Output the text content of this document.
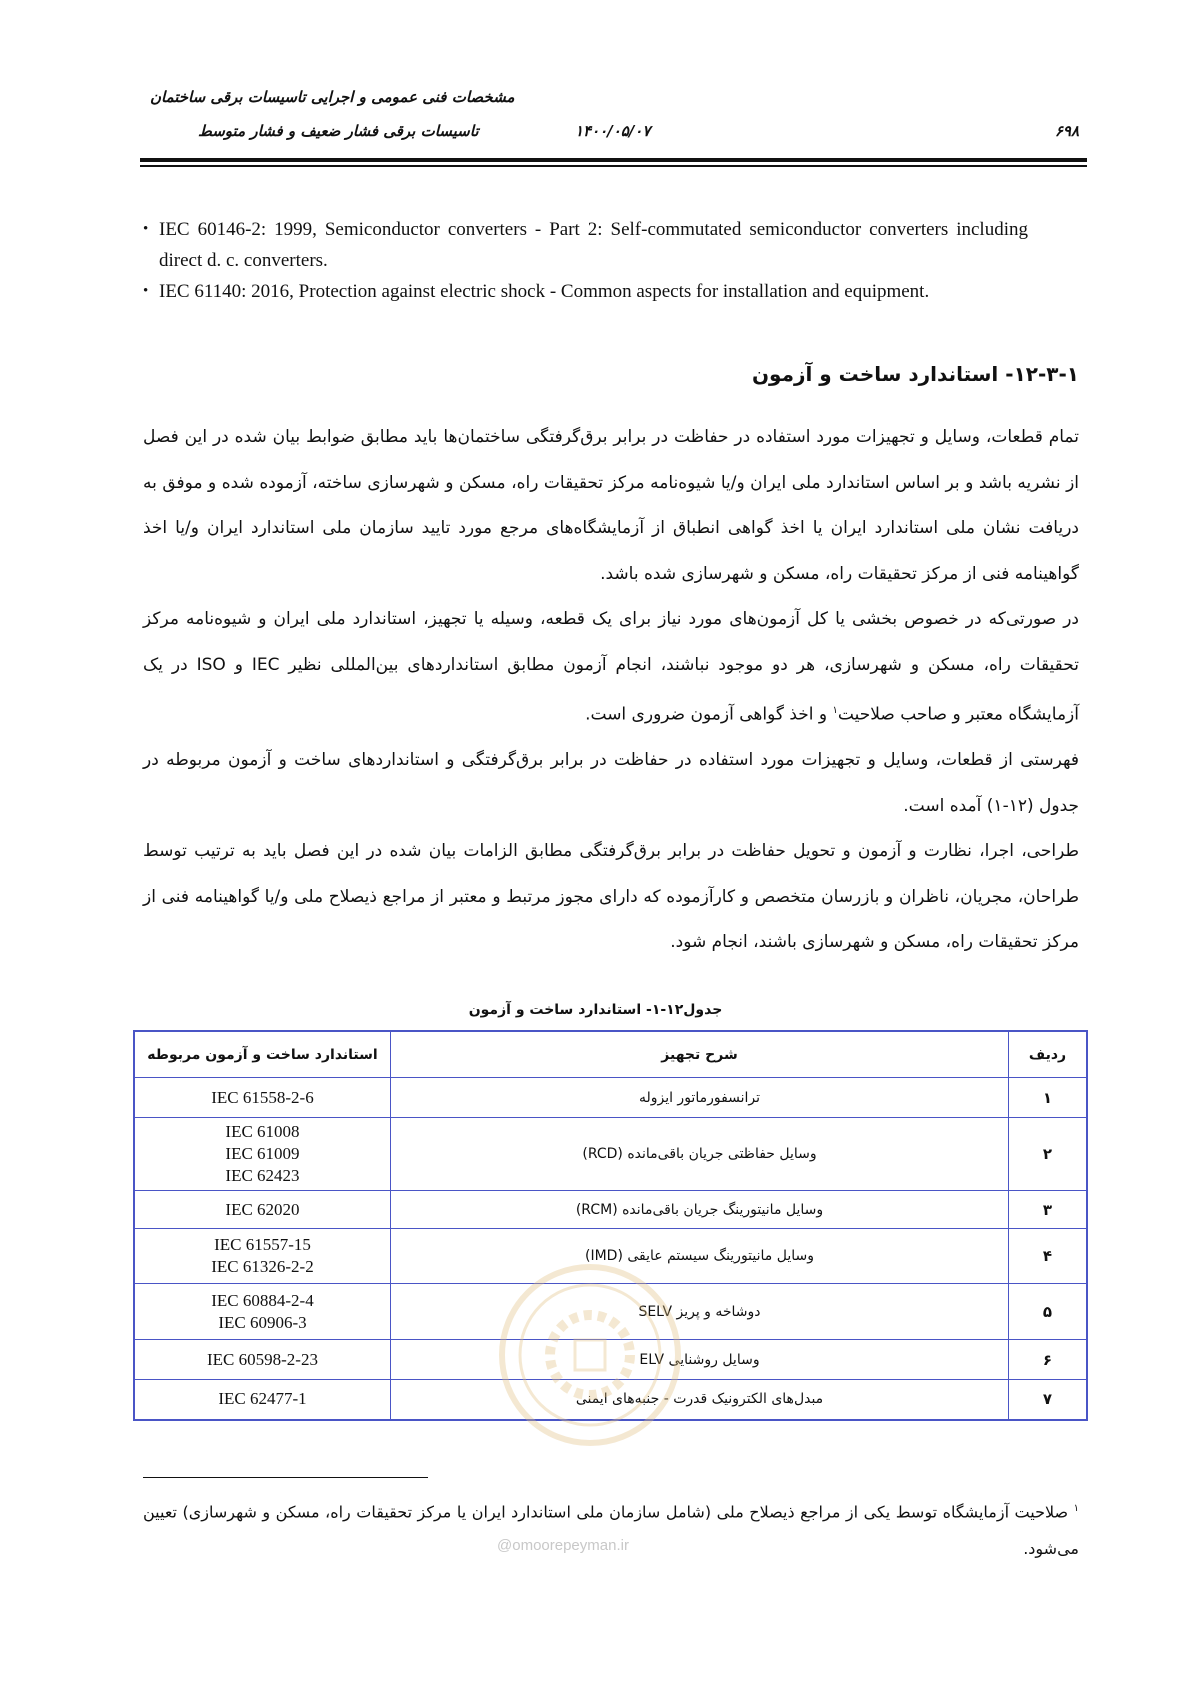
مشخصات فنی عمومی و اجرایی تاسیسات برقی ساختمان
تاسیسات برقی فشار ضعیف و فشار متوسط	۱۴۰۰/۰۵/۰۷	۶۹۸
• IEC 60146-2: 1999, Semiconductor converters - Part 2: Self-commutated semiconductor converters including direct d. c. converters.
• IEC 61140: 2016, Protection against electric shock - Common aspects for installation and equipment.
۱۲-۳-۱- استاندارد ساخت و آزمون

تمام قطعات، وسایل و تجهیزات مورد استفاده در حفاظت در برابر برق‌گرفتگی ساختمان‌ها باید مطابق ضوابط بیان شده در این فصل از نشریه باشد و بر اساس استاندارد ملی ایران و/یا شیوه‌نامه مرکز تحقیقات راه، مسکن و شهرسازی ساخته، آزموده شده و موفق به دریافت نشان ملی استاندارد ایران یا اخذ گواهی انطباق از آزمایشگاه‌های مرجع مورد تایید سازمان ملی استاندارد ایران و/یا اخذ گواهینامه فنی از مرکز تحقیقات راه، مسکن و شهرسازی شده باشد.

در صورتی‌که در خصوص بخشی یا کل آزمون‌های مورد نیاز برای یک قطعه، وسیله یا تجهیز، استاندارد ملی ایران و شیوه‌نامه مرکز تحقیقات راه، مسکن و شهرسازی، هر دو موجود نباشند، انجام آزمون مطابق استانداردهای بین‌المللی نظیر IEC و ISO در یک آزمایشگاه معتبر و صاحب صلاحیت$^۱$ و اخذ گواهی آزمون ضروری است.

فهرستی از قطعات، وسایل و تجهیزات مورد استفاده در حفاظت در برابر برق‌گرفتگی و استانداردهای ساخت و آزمون مربوطه در جدول (۱۲-۱) آمده است.

طراحی، اجرا، نظارت و آزمون و تحویل حفاظت در برابر برق‌گرفتگی مطابق الزامات بیان شده در این فصل باید به ترتیب توسط طراحان، مجریان، ناظران و بازرسان متخصص و کارآزموده که دارای مجوز مرتبط و معتبر از مراجع ذیصلاح ملی و/یا گواهینامه فنی از مرکز تحقیقات راه، مسکن و شهرسازی باشند، انجام شود.

جدول۱۲-۱- استاندارد ساخت و آزمون
ردیف	شرح تجهیز	استاندارد ساخت و آزمون مربوطه
۱	ترانسفورماتور ایزوله	IEC 61558-2-6

۲	وسایل حفاظتی جریان باقی‌مانده (RCD)	IEC 61008
IEC 61009
IEC 62423

۳	وسایل مانیتورینگ جریان باقی‌مانده (RCM)	IEC 62020

۴	وسایل مانیتورینگ سیستم عایقی (IMD)	IEC 61557-15
IEC 61326-2-2

۵	دوشاخه و پریز SELV	IEC 60884-2-4
IEC 60906-3

۶	وسایل روشنایی ELV	IEC 60598-2-23

۷	مبدل‌های الکترونیک قدرت - جنبه‌های ایمنی	IEC 62477-1
@omoorepeyman.ir
$^۱$ صلاحیت آزمایشگاه توسط یکی از مراجع ذیصلاح ملی (شامل سازمان ملی استاندارد ایران یا مرکز تحقیقات راه، مسکن و شهرسازی) تعیین می‌شود.
